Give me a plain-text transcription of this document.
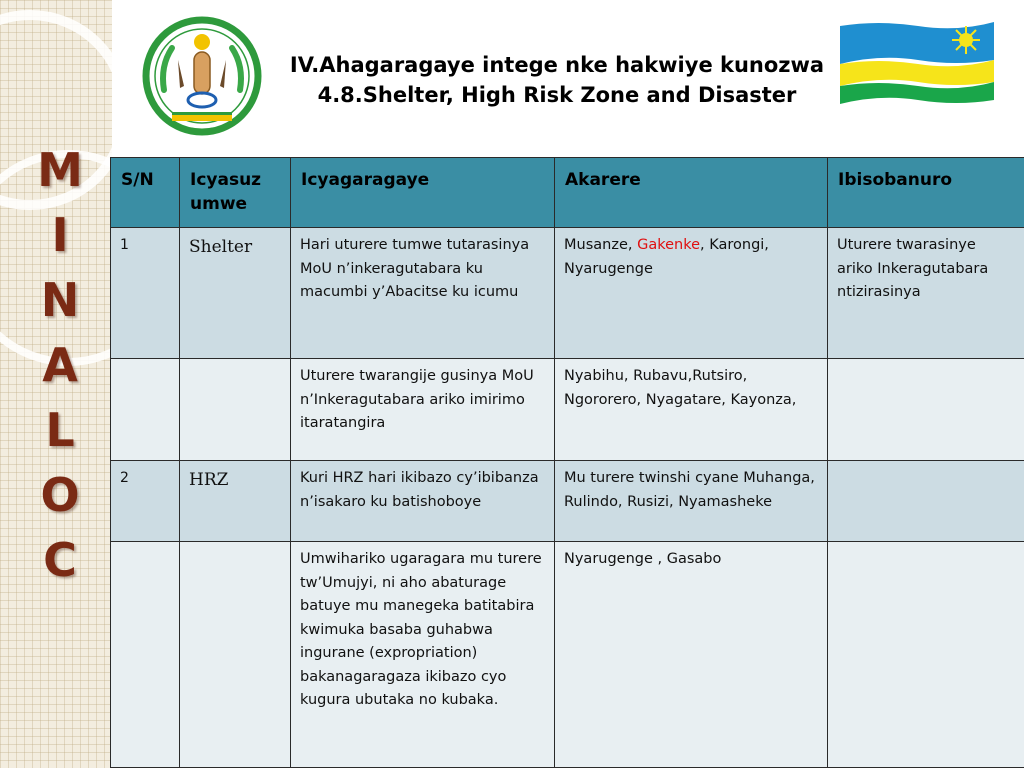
M
I
N
A
L
O
C
IV.Ahagaragaye intege nke hakwiye kunozwa
4.8.Shelter, High Risk Zone and Disaster
S/N	Icyasuz umwe	Icyagaragaye	Akarere	Ibisobanuro
1	Shelter	Hari uturere tumwe tutarasinya MoU n’inkeragutabara ku macumbi y’Abacitse ku icumu	Musanze, Gakenke, Karongi, Nyarugenge	Uturere twarasinye ariko Inkeragutabara ntizirasinya
		Uturere twarangije gusinya MoU n’Inkeragutabara ariko imirimo itaratangira	Nyabihu, Rubavu,Rutsiro, Ngororero, Nyagatare, Kayonza,	
2	HRZ	Kuri HRZ hari ikibazo cy’ibibanza n’isakaro ku batishoboye	Mu turere twinshi cyane Muhanga, Rulindo, Rusizi, Nyamasheke	
		Umwihariko ugaragara mu turere tw’Umujyi, ni aho abaturage batuye mu manegeka batitabira kwimuka basaba guhabwa ingurane (expropriation) bakanagaragaza ikibazo cyo kugura ubutaka no kubaka.	Nyarugenge , Gasabo	
